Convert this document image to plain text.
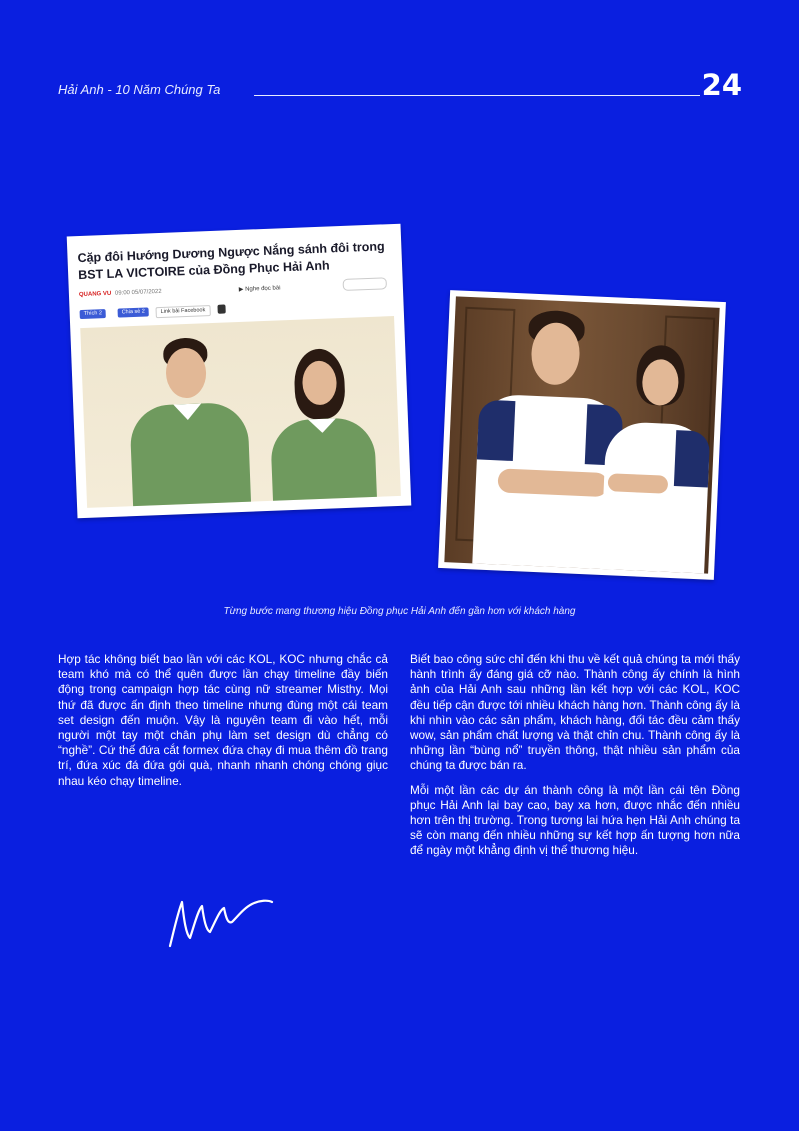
Hải Anh - 10 Năm Chúng Ta	24
Cặp đôi Hướng Dương Ngược Nắng sánh đôi trong BST LA VICTOIRE của Đồng Phục Hải Anh
QUANG VU 09:00 05/07/2022
▶	Nghe đọc bài
Thích 2	Chia sẻ 2	Link bài Facebook
Từng bước mang thương hiệu Đồng phục Hải Anh đến gần hơn với khách hàng

Hợp tác không biết bao lần với các KOL, KOC nhưng chắc cả team khó mà có thể quên được lần chạy timeline đầy biến động trong campaign hợp tác cùng nữ streamer Misthy. Mọi thứ đã được ấn định theo timeline nhưng đùng một cái team set design đến muộn. Vậy là nguyên team đi vào hết, mỗi người một tay một chân phụ làm set design dù chẳng có “nghề”. Cứ thế đứa cắt formex đứa chạy đi mua thêm đồ trang trí, đứa xúc đá đứa gói quà, nhanh nhanh chóng chóng giục nhau kéo chạy timeline.

Biết bao công sức chỉ đến khi thu về kết quả chúng ta mới thấy hành trình ấy đáng giá cỡ nào. Thành công ấy chính là hình ảnh của Hải Anh sau những lần kết hợp với các KOL, KOC đều tiếp cận được tới nhiều khách hàng hơn. Thành công ấy là khi nhìn vào các sản phẩm, khách hàng, đối tác đều cảm thấy wow, sản phẩm chất lượng và thật chỉn chu. Thành công ấy là những lần “bùng nổ” truyền thông, thật nhiều sản phẩm của chúng ta được bán ra.

Mỗi một lần các dự án thành công là một lần cái tên Đồng phục Hải Anh lại bay cao, bay xa hơn, được nhắc đến nhiều hơn trên thị trường. Trong tương lai hứa hẹn Hải Anh chúng ta sẽ còn mang đến nhiều những sự kết hợp ấn tượng hơn nữa để ngày một khẳng định vị thế thương hiệu.
